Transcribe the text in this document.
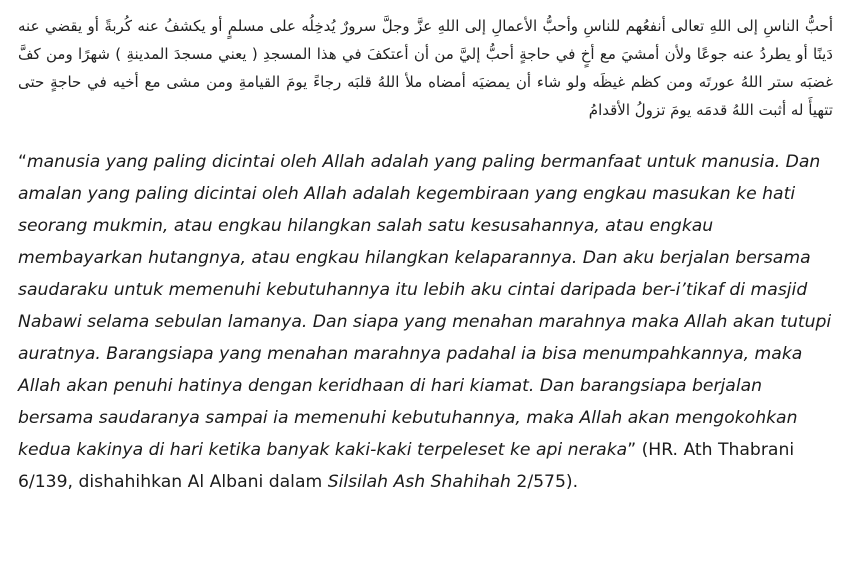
أحبُّ الناسِ إلى اللهِ تعالى أنفعُهم للناسِ وأحبُّ الأعمالِ إلى اللهِ عزَّ وجلَّ سرورٌ يُدخِلُه على مسلمٍ أو يكشفُ عنه كُربةً أو يقضي عنه دَينًا أو يطردُ عنه جوعًا ولأن أمشيَ مع أخٍ في حاجةٍ أحبُّ إليَّ من أن أعتكفَ في هذا المسجدِ ( يعني مسجدَ المدينةِ ) شهرًا ومن كفَّ غضبَه ستر اللهُ عورتَه ومن كظم غيظَه ولو شاء أن يمضيَه أمضاه ملأ اللهُ قلبَه رجاءً يومَ القيامةِ ومن مشى مع أخيه في حاجةٍ حتى تتهيأَ له أثبت اللهُ قدمَه يومَ تزولُ الأقدامُ

“manusia yang paling dicintai oleh Allah adalah yang paling bermanfaat untuk manusia. Dan amalan yang paling dicintai oleh Allah adalah kegembiraan yang engkau masukan ke hati seorang mukmin, atau engkau hilangkan salah satu kesusahannya, atau engkau membayarkan hutangnya, atau engkau hilangkan kelaparannya. Dan aku berjalan bersama saudaraku untuk memenuhi kebutuhannya itu lebih aku cintai daripada ber-i’tikaf di masjid Nabawi selama sebulan lamanya. Dan siapa yang menahan marahnya maka Allah akan tutupi auratnya. Barangsiapa yang menahan marahnya padahal ia bisa menumpahkannya, maka Allah akan penuhi hatinya dengan keridhaan di hari kiamat. Dan barangsiapa berjalan bersama saudaranya sampai ia memenuhi kebutuhannya, maka Allah akan mengokohkan kedua kakinya di hari ketika banyak kaki-kaki terpeleset ke api neraka” (HR. Ath Thabrani 6/139, dishahihkan Al Albani dalam Silsilah Ash Shahihah 2/575).
